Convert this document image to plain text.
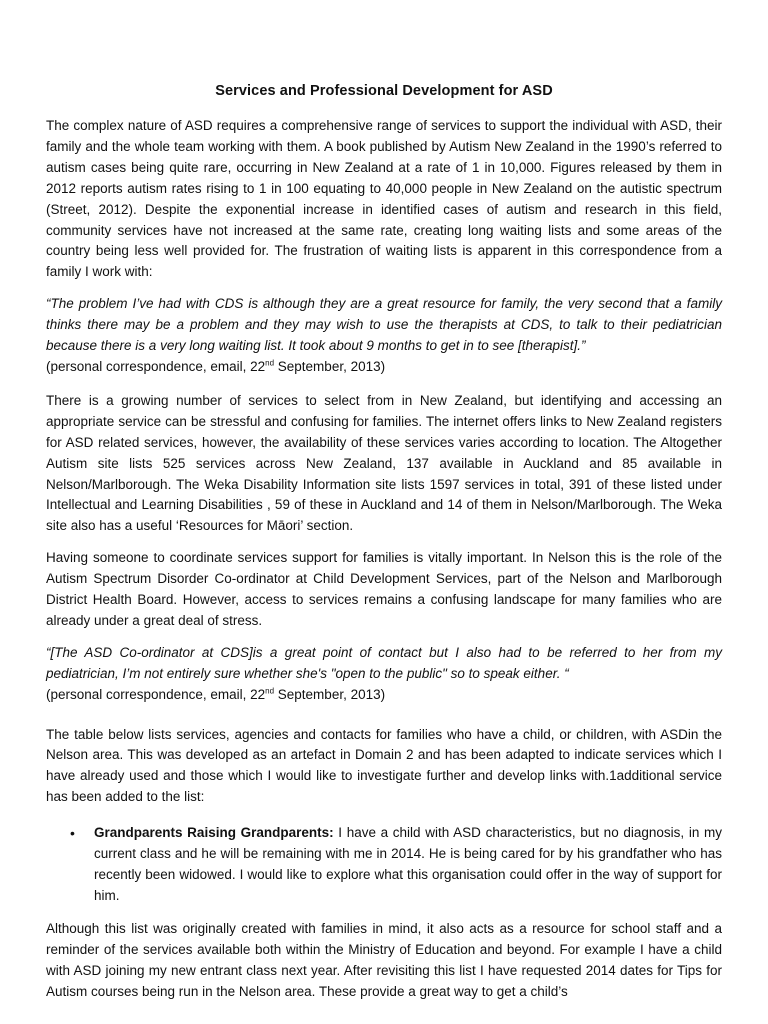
Services and Professional Development for ASD

The complex nature of ASD requires a comprehensive range of services to support the individual with ASD, their family and the whole team working with them. A book published by Autism New Zealand in the 1990’s referred to autism cases being quite rare, occurring in New Zealand at a rate of 1 in 10,000. Figures released by them in 2012 reports autism rates rising to 1 in 100 equating to 40,000 people in New Zealand on the autistic spectrum (Street, 2012). Despite the exponential increase in identified cases of autism and research in this field, community services have not increased at the same rate, creating long waiting lists and some areas of the country being less well provided for. The frustration of waiting lists is apparent in this correspondence from a family I work with:

“The problem I’ve had with CDS is although they are a great resource for family, the very second that a family thinks there may be a problem and they may wish to use the therapists at CDS, to talk to their pediatrician because there is a very long waiting list. It took about 9 months to get in to see [therapist].”

(personal correspondence, email, 22nd September, 2013)

There is a growing number of services to select from in New Zealand, but identifying and accessing an appropriate service can be stressful and confusing for families. The internet offers links to New Zealand registers for ASD related services, however, the availability of these services varies according to location. The Altogether Autism site lists 525 services across New Zealand, 137 available in Auckland and 85 available in Nelson/Marlborough. The Weka Disability Information site lists 1597 services in total, 391 of these listed under Intellectual and Learning Disabilities , 59 of these in Auckland and 14 of them in Nelson/Marlborough. The Weka site also has a useful ‘Resources for Māori’ section.

Having someone to coordinate services support for families is vitally important. In Nelson this is the role of the Autism Spectrum Disorder Co-ordinator at Child Development Services, part of the Nelson and Marlborough District Health Board. However, access to services remains a confusing landscape for many families who are already under a great deal of stress.

“[The ASD Co-ordinator at CDS]is a great point of contact but I also had to be referred to her from my pediatrician, I’m not entirely sure whether she's "open to the public" so to speak either. “

(personal correspondence, email, 22nd September, 2013)

The table below lists services, agencies and contacts for families who have a child, or children, with ASDin the Nelson area. This was developed as an artefact in Domain 2 and has been adapted to indicate services which I have already used and those which I would like to investigate further and develop links with.1additional service has been added to the list:

• Grandparents Raising Grandparents: I have a child with ASD characteristics, but no diagnosis, in my current class and he will be remaining with me in 2014. He is being cared for by his grandfather who has recently been widowed. I would like to explore what this organisation could offer in the way of support for him.

Although this list was originally created with families in mind, it also acts as a resource for school staff and a reminder of the services available both within the Ministry of Education and beyond. For example I have a child with ASD joining my new entrant class next year. After revisiting this list I have requested 2014 dates for Tips for Autism courses being run in the Nelson area. These provide a great way to get a child’s
